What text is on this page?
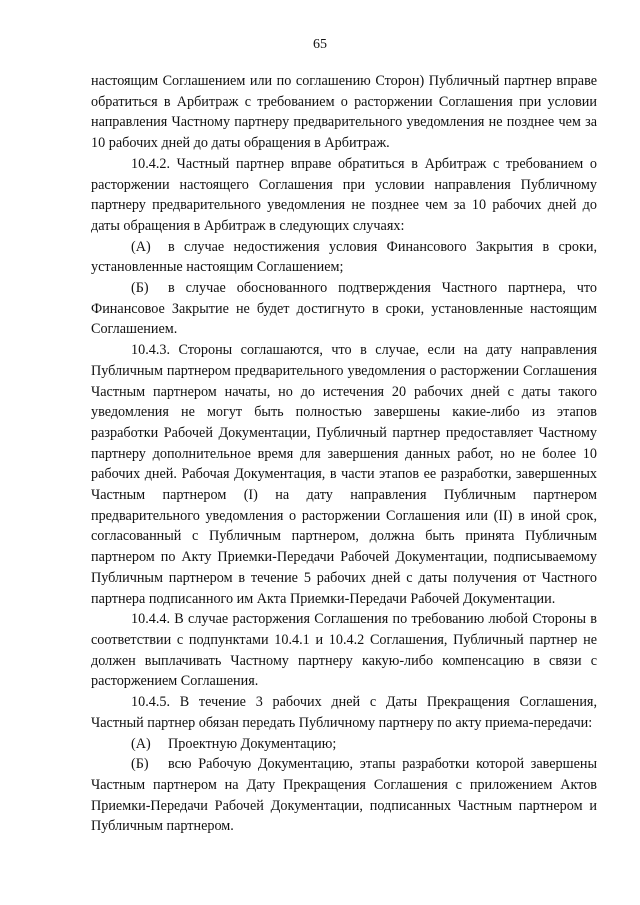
65

настоящим Соглашением или по соглашению Сторон) Публичный партнер вправе обратиться в Арбитраж с требованием о расторжении Соглашения при условии направления Частному партнеру предварительного уведомления не позднее чем за 10 рабочих дней до даты обращения в Арбитраж.

10.4.2. Частный партнер вправе обратиться в Арбитраж с требованием о расторжении настоящего Соглашения при условии направления Публичному партнеру предварительного уведомления не позднее чем за 10 рабочих дней до даты обращения в Арбитраж в следующих случаях:

(А) в случае недостижения условия Финансового Закрытия в сроки, установленные настоящим Соглашением;

(Б) в случае обоснованного подтверждения Частного партнера, что Финансовое Закрытие не будет достигнуто в сроки, установленные настоящим Соглашением.

10.4.3. Стороны соглашаются, что в случае, если на дату направления Публичным партнером предварительного уведомления о расторжении Соглашения Частным партнером начаты, но до истечения 20 рабочих дней с даты такого уведомления не могут быть полностью завершены какие-либо из этапов разработки Рабочей Документации, Публичный партнер предоставляет Частному партнеру дополнительное время для завершения данных работ, но не более 10 рабочих дней. Рабочая Документация, в части этапов ее разработки, завершенных Частным партнером (I) на дату направления Публичным партнером предварительного уведомления о расторжении Соглашения или (II) в иной срок, согласованный с Публичным партнером, должна быть принята Публичным партнером по Акту Приемки-Передачи Рабочей Документации, подписываемому Публичным партнером в течение 5 рабочих дней с даты получения от Частного партнера подписанного им Акта Приемки-Передачи Рабочей Документации.

10.4.4. В случае расторжения Соглашения по требованию любой Стороны в соответствии с подпунктами 10.4.1 и 10.4.2 Соглашения, Публичный партнер не должен выплачивать Частному партнеру какую-либо компенсацию в связи с расторжением Соглашения.

10.4.5. В течение 3 рабочих дней с Даты Прекращения Соглашения, Частный партнер обязан передать Публичному партнеру по акту приема-передачи:

(А) Проектную Документацию;

(Б) всю Рабочую Документацию, этапы разработки которой завершены Частным партнером на Дату Прекращения Соглашения с приложением Актов Приемки-Передачи Рабочей Документации, подписанных Частным партнером и Публичным партнером.
